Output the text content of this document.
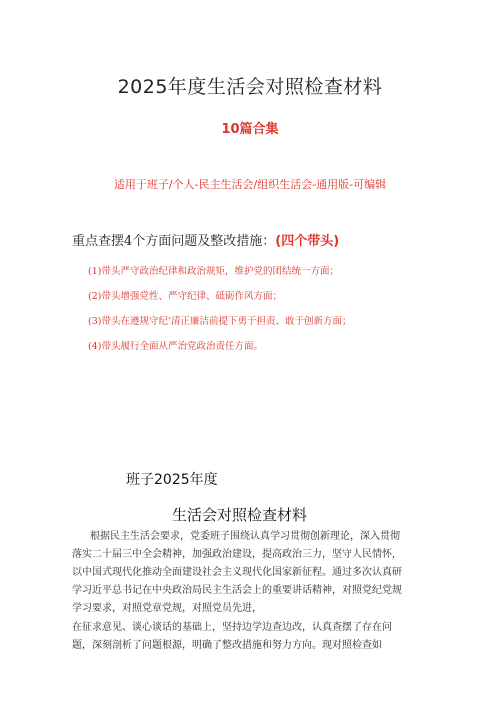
2025年度生活会对照检查材料
10篇合集
适用于班子/个人-民主生活会/组织生活会-通用版-可编辑
重点查摆4个方面问题及整改措施：(四个带头)
(1)带头严守政治纪律和政治规矩，维护党的团结统一方面；
(2)带头增强党性、严守纪律、砥砺作风方面；
(3)带头在遵规守纪’清正廉洁前提下勇于担责、敢于创新方面；
(4)带头履行全面从严治党政治责任方面。
班子2025年度
生活会对照检查材料
根据民主生活会要求，党委班子围绕认真学习贯彻创新理论，深入贯彻
落实二十届三中全会精神，加强政治建设，提高政治三力，坚守人民情怀,
以中国式现代化推动全面建设社会主义现代化国家新征程。通过多次认真研
学习近平总书记在中央政治局民主生活会上的重要讲话精神，对照党纪党规
学习要求，对照党章党规，对照党员先进，
在征求意见、谈心谈话的基础上，坚持边学边查边改，认真查摆了存在问
题，深刻剖析了问题根源，明确了整改措施和努力方向。现对照检查如
